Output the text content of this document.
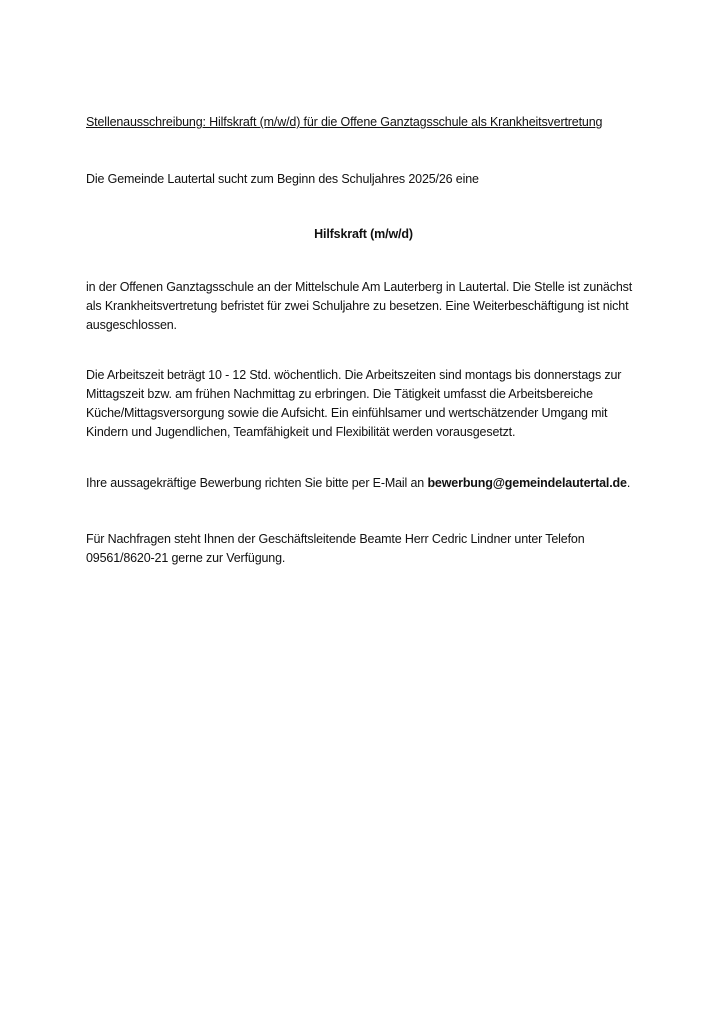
Stellenausschreibung: Hilfskraft (m/w/d) für die Offene Ganztagsschule als Krankheitsvertretung
Die Gemeinde Lautertal sucht zum Beginn des Schuljahres 2025/26 eine
Hilfskraft (m/w/d)
in der Offenen Ganztagsschule an der Mittelschule Am Lauterberg in Lautertal. Die Stelle ist zunächst als Krankheitsvertretung befristet für zwei Schuljahre zu besetzen. Eine Weiterbeschäftigung ist nicht ausgeschlossen.
Die Arbeitszeit beträgt 10 - 12 Std. wöchentlich. Die Arbeitszeiten sind montags bis donnerstags zur Mittagszeit bzw. am frühen Nachmittag zu erbringen. Die Tätigkeit umfasst die Arbeitsbereiche Küche/Mittagsversorgung sowie die Aufsicht. Ein einfühlsamer und wertschätzender Umgang mit Kindern und Jugendlichen, Teamfähigkeit und Flexibilität werden vorausgesetzt.
Ihre aussagekräftige Bewerbung richten Sie bitte per E-Mail an bewerbung@gemeindelautertal.de.
Für Nachfragen steht Ihnen der Geschäftsleitende Beamte Herr Cedric Lindner unter Telefon 09561/8620-21 gerne zur Verfügung.
